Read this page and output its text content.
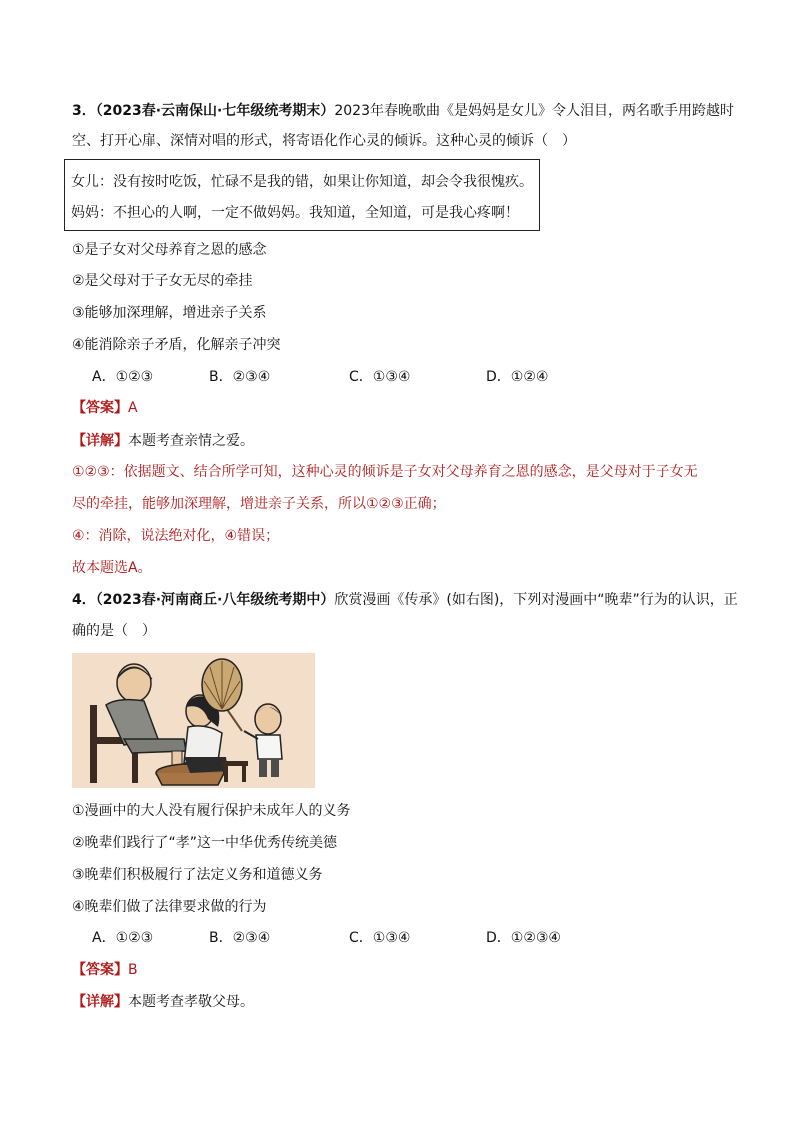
3．（2023春·云南保山·七年级统考期末）2023年春晚歌曲《是妈妈是女儿》令人泪目，两名歌手用跨越时
空、打开心扉、深情对唱的形式，将寄语化作心灵的倾诉。这种心灵的倾诉（　）
女儿：没有按时吃饭，忙碌不是我的错，如果让你知道，却会令我很愧疚。
妈妈：不担心的人啊，一定不做妈妈。我知道，全知道，可是我心疼啊！
①是子女对父母养育之恩的感念
②是父母对于子女无尽的牵挂
③能够加深理解，增进亲子关系
④能消除亲子矛盾，化解亲子冲突
A．①②③	B．②③④	C．①③④	D．①②④
【答案】A
【详解】本题考查亲情之爱。
①②③：依据题文、结合所学可知，这种心灵的倾诉是子女对父母养育之恩的感念，是父母对于子女无
尽的牵挂，能够加深理解，增进亲子关系，所以①②③正确；
④：消除，说法绝对化，④错误；
故本题选A。
4．（2023春·河南商丘·八年级统考期中）欣赏漫画《传承》(如右图)，下列对漫画中“晚辈”行为的认识，正
确的是（　）
①漫画中的大人没有履行保护未成年人的义务
②晚辈们践行了“孝”这一中华优秀传统美德
③晚辈们积极履行了法定义务和道德义务
④晚辈们做了法律要求做的行为
A．①②③	B．②③④	C．①③④	D．①②③④
【答案】B
【详解】本题考查孝敬父母。
